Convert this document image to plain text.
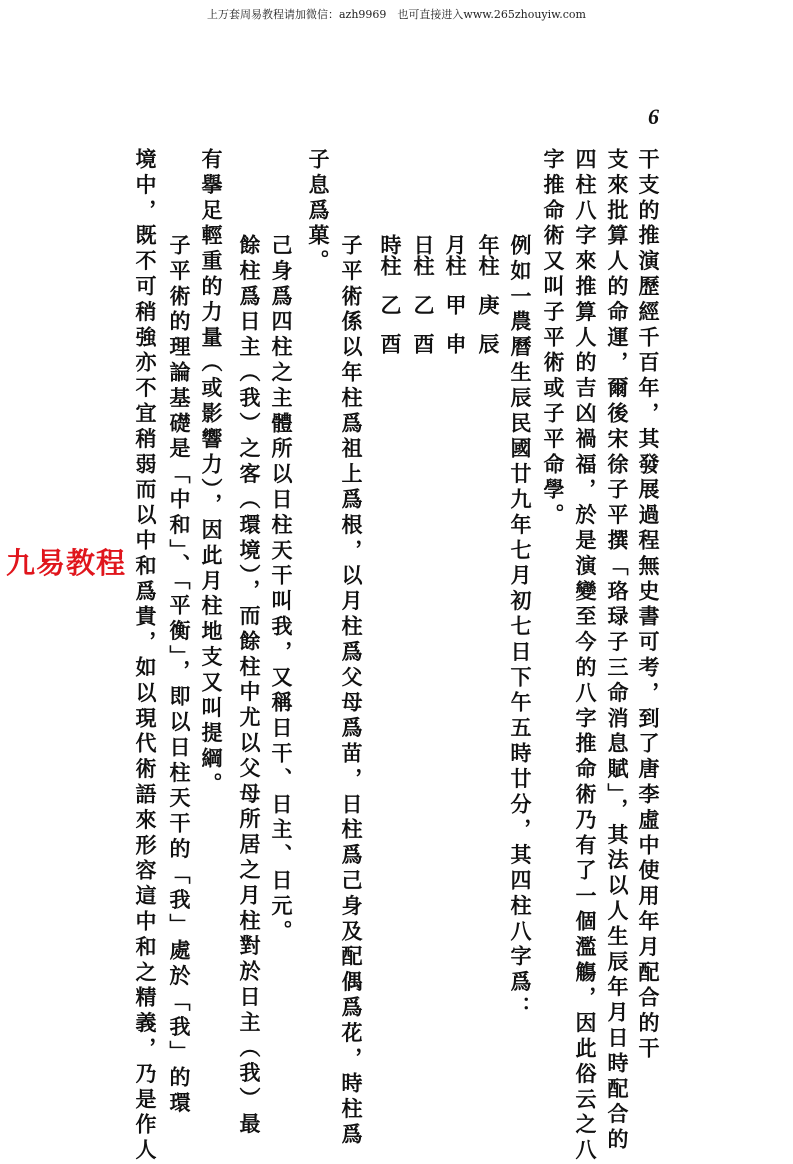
上万套周易教程请加微信：azh9969　也可直接进入www.265zhouyiw.com
6
干支的推演歷經千百年，其發展過程無史書可考，到了唐李虛中使用年月配合的干
支來批算人的命運，爾後宋徐子平撰「珞琭子三命消息賦」，其法以人生辰年月日時配合的
四柱八字來推算人的吉凶禍福，於是演變至今的八字推命術乃有了一個濫觴，因此俗云之八
字推命術又叫子平術或子平命學。
例如一農曆生辰民國廿九年七月初七日下午五時廿分，其四柱八字爲：
年柱庚辰
月柱甲申
日柱乙酉
時柱乙酉
子平術係以年柱爲祖上爲根，以月柱爲父母爲苗，日柱爲己身及配偶爲花，時柱爲
子息爲菓。
己身爲四柱之主體所以日柱天干叫我，又稱日干、日主、日元。
餘柱爲日主（我）之客（環境），而餘柱中尤以父母所居之月柱對於日主（我）最
有擧足輕重的力量（或影響力），因此月柱地支又叫提綱。
子平術的理論基礎是「中和」、「平衡」，即以日柱天干的「我」處於「我」的環
境中，既不可稍強亦不宜稍弱而以中和爲貴，如以現代術語來形容這中和之精義，乃是作人
九易教程
